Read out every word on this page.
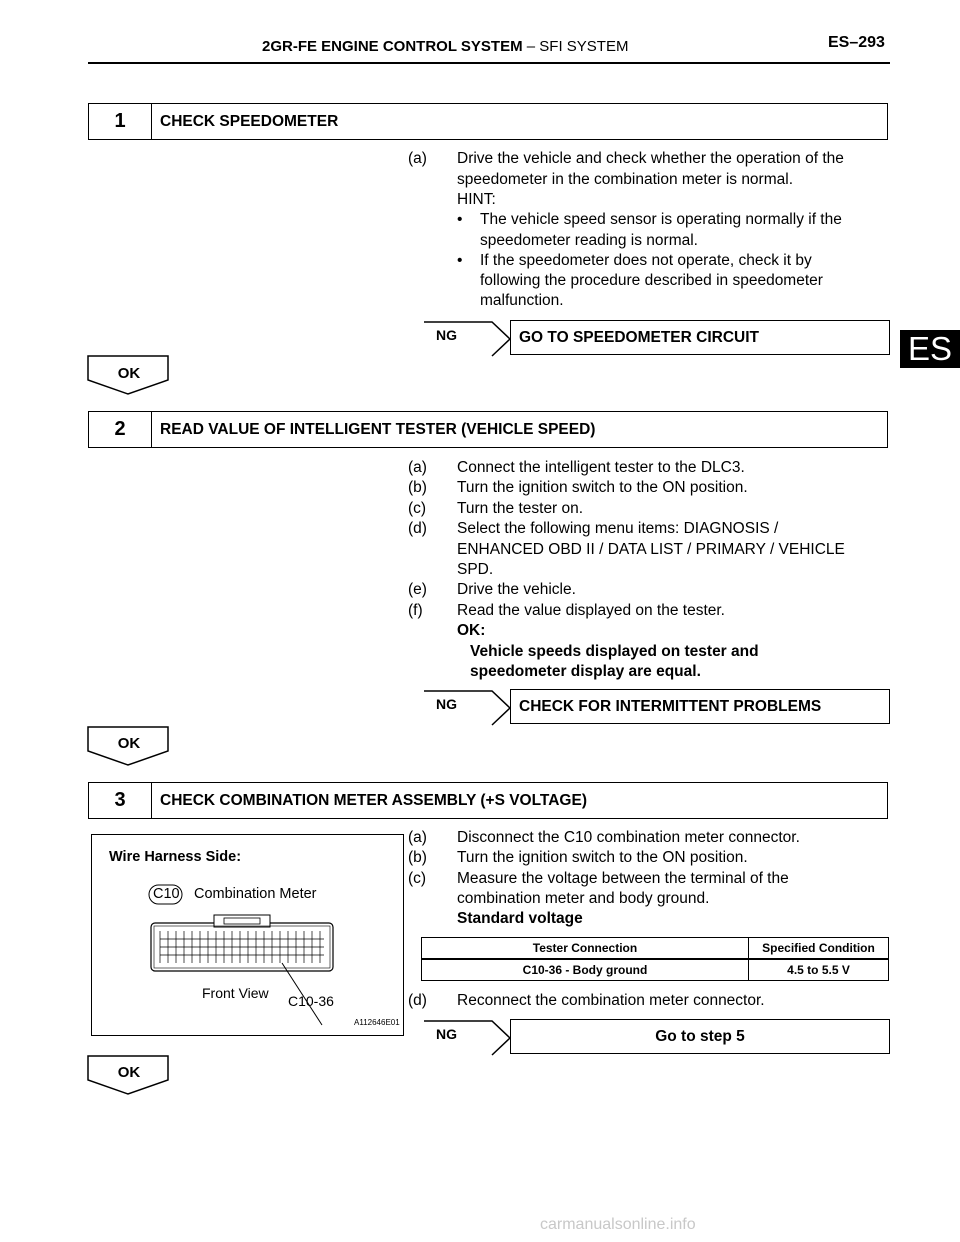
2GR-FE ENGINE CONTROL SYSTEM – SFI SYSTEM	ES–293
ES
1	CHECK SPEEDOMETER
(a) Drive the vehicle and check whether the operation of the
speedometer in the combination meter is normal.
HINT:
• The vehicle speed sensor is operating normally if the
speedometer reading is normal.
• If the speedometer does not operate, check it by
following the procedure described in speedometer
malfunction.
NG	GO TO SPEEDOMETER CIRCUIT
OK
2	READ VALUE OF INTELLIGENT TESTER (VEHICLE SPEED)
(a) Connect the intelligent tester to the DLC3.
(b) Turn the ignition switch to the ON position.
(c) Turn the tester on.
(d) Select the following menu items: DIAGNOSIS /
ENHANCED OBD II / DATA LIST / PRIMARY / VEHICLE
SPD.
(e) Drive the vehicle.
(f) Read the value displayed on the tester.
OK:
Vehicle speeds displayed on tester and
speedometer display are equal.
NG	CHECK FOR INTERMITTENT PROBLEMS
OK
3	CHECK COMBINATION METER ASSEMBLY (+S VOLTAGE)
(a) Disconnect the C10 combination meter connector.
(b) Turn the ignition switch to the ON position.
(c) Measure the voltage between the terminal of the
combination meter and body ground.
Standard voltage
Tester Connection	Specified Condition
C10-36 - Body ground	4.5 to 5.5 V
(d) Reconnect the combination meter connector.
Wire Harness Side:
C10 Combination Meter
Front View C10-36
A112646E01
NG	Go to step 5
OK
carmanualsonline.info
